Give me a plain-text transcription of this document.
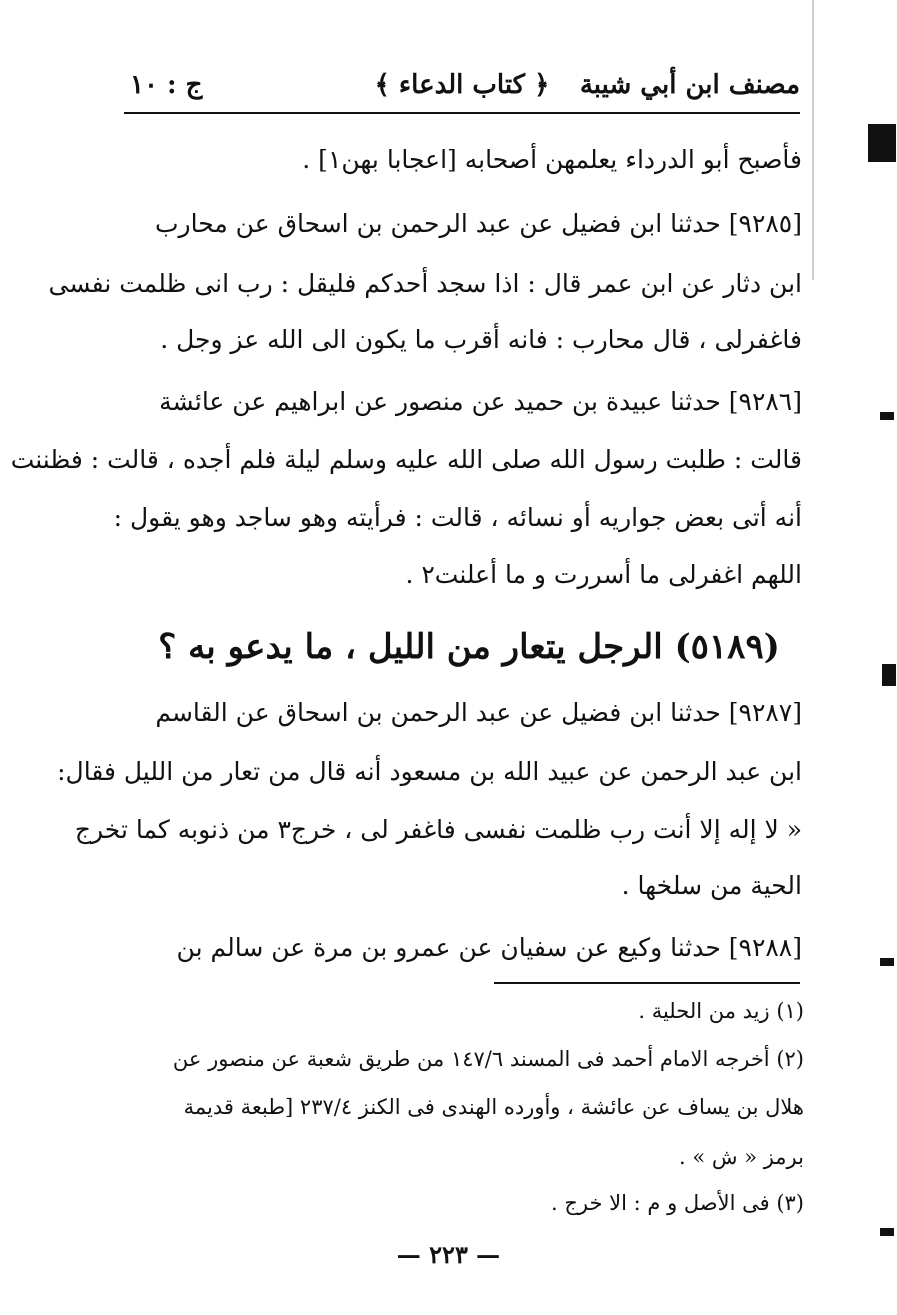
مصنف ابن أبي شيبة
﴿ كتاب الدعاء ﴾
ج : ١٠
فأصبح أبو الدرداء يعلمهن أصحابه [اعجابا بهن١] .
[٩٢٨٥] حدثنا ابن فضيل عن عبد الرحمن بن اسحاق عن محارب
ابن دثار عن ابن عمر قال : اذا سجد أحدكم فليقل : رب انى ظلمت نفسى
فاغفرلى ، قال محارب : فانه أقرب ما يكون الى الله عز وجل .
[٩٢٨٦] حدثنا عبيدة بن حميد عن منصور عن ابراهيم عن عائشة
قالت : طلبت رسول الله صلى الله عليه وسلم ليلة فلم أجده ، قالت : فظننت
أنه أتى بعض جواريه أو نسائه ، قالت : فرأيته وهو ساجد وهو يقول :
اللهم اغفرلى ما أسررت و ما أعلنت٢ .
(٥١٨٩) الرجل يتعار من الليل ، ما يدعو به ؟
[٩٢٨٧] حدثنا ابن فضيل عن عبد الرحمن بن اسحاق عن القاسم
ابن عبد الرحمن عن عبيد الله بن مسعود أنه قال من تعار من الليل فقال:
« لا إله إلا أنت رب ظلمت نفسى فاغفر لى ، خرج٣ من ذنوبه كما تخرج
الحية من سلخها .
[٩٢٨٨] حدثنا وكيع عن سفيان عن عمرو بن مرة عن سالم بن
(١) زيد من الحلية .
(٢) أخرجه الامام أحمد فى المسند ١٤٧/٦ من طريق شعبة عن منصور عن
هلال بن يساف عن عائشة ، وأورده الهندى فى الكنز ٢٣٧/٤ [طبعة قديمة
برمز « ش » .
(٣) فى الأصل و م : الا خرج .
— ٢٢٣ —
